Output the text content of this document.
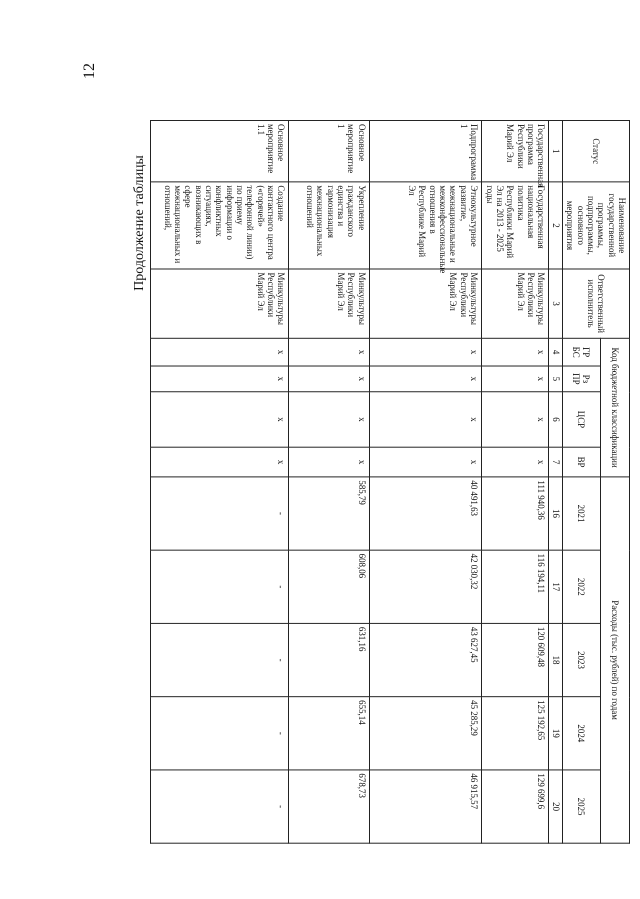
12
Продолжение таблицы
Статус	Наименование государственной программы, подпрограммы, основного мероприятия	Ответственный исполнитель	Код бюджетной классификации				Расходы (тыс. рублей) по годам				
			ГР БС	Рз ПР	ЦСР	ВР	2021	2022	2023	2024	2025
1	2	3	4	5	6	7	16	17	18	19	20
Государственная программа Республики Марий Эл	Государственная национальная политика Республики Марий Эл на 2013 - 2025 годы	Минкультуры Республики Марий Эл	х	х	х	х	111 940,36	116 194,11	120 609,48	125 192,65	129 699,6
Подпрограмма 1	Этнокультурное развитие, межнациональные и межконфессиональные отношения в Республике Марий Эл	Минкультуры Республики Марий Эл	х	х	х	х	40 491,63	42 030,32	43 627,45	45 285,29	46 915,57
Основное мероприятие 1	Укрепление гражданского единства и гармонизация межнациональных отношений	Минкультуры Республики Марий Эл	х	х	х	х	585,79	608,06	631,16	655,14	678,73
Основное мероприятие 1.1	Создание контактного центра («горячей» телефонной линии) по приему информации о конфликтных ситуациях, возникающих в сфере межнациональных и отношений,	Минкультуры Республики Марий Эл	х	х	х	х	-	-	-	-	-
